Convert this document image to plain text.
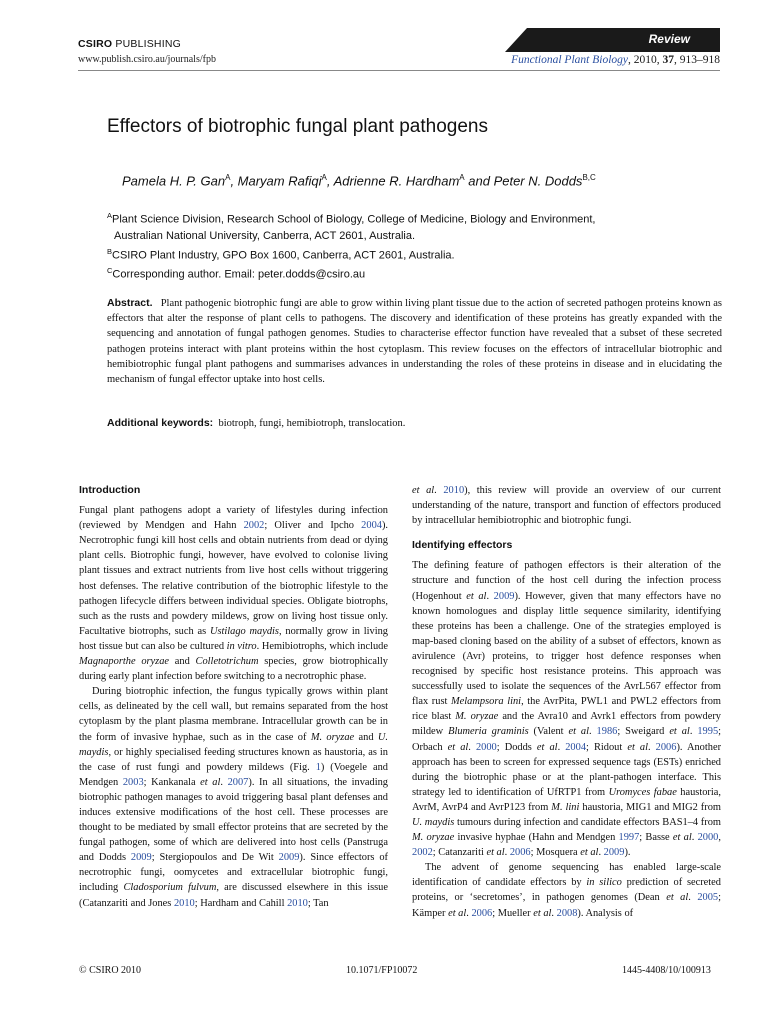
CSIRO PUBLISHING
www.publish.csiro.au/journals/fpb
Review
Functional Plant Biology, 2010, 37, 913–918
Effectors of biotrophic fungal plant pathogens
Pamela H. P. Gan$^A$, Maryam Rafiqi$^A$, Adrienne R. Hardham$^A$ and Peter N. Dodds$^{B,C}$
$^A$Plant Science Division, Research School of Biology, College of Medicine, Biology and Environment,
Australian National University, Canberra, ACT 2601, Australia.
$^B$CSIRO Plant Industry, GPO Box 1600, Canberra, ACT 2601, Australia.
$^C$Corresponding author. Email: peter.dodds@csiro.au
Abstract. Plant pathogenic biotrophic fungi are able to grow within living plant tissue due to the action of secreted pathogen proteins known as effectors that alter the response of plant cells to pathogens. The discovery and identification of these proteins has greatly expanded with the sequencing and annotation of fungal pathogen genomes. Studies to characterise effector function have revealed that a subset of these secreted pathogen proteins interact with plant proteins within the host cytoplasm. This review focuses on the effectors of intracellular biotrophic and hemibiotrophic fungal plant pathogens and summarises advances in understanding the roles of these proteins in disease and in elucidating the mechanism of fungal effector uptake into host cells.
Additional keywords: biotroph, fungi, hemibiotroph, translocation.
Introduction

Fungal plant pathogens adopt a variety of lifestyles during infection (reviewed by Mendgen and Hahn 2002; Oliver and Ipcho 2004). Necrotrophic fungi kill host cells and obtain nutrients from dead or dying plant cells. Biotrophic fungi, however, have evolved to colonise living plant tissues and extract nutrients from live host cells without triggering host defenses. The relative contribution of the biotrophic lifestyle to the pathogen lifecycle differs between individual species. Obligate biotrophs, such as the rusts and powdery mildews, grow on living host tissue only. Facultative biotrophs, such as Ustilago maydis, normally grow in living host tissue but can also be cultured in vitro. Hemibiotrophs, which include Magnaporthe oryzae and Colletotrichum species, grow biotrophically during early plant infection before switching to a necrotrophic phase.

During biotrophic infection, the fungus typically grows within plant cells, as delineated by the cell wall, but remains separated from the host cytoplasm by the plant plasma membrane. Intracellular growth can be in the form of invasive hyphae, such as in the case of M. oryzae and U. maydis, or highly specialised feeding structures known as haustoria, as in the case of rust fungi and powdery mildews (Fig. 1) (Voegele and Mendgen 2003; Kankanala et al. 2007). In all situations, the invading biotrophic pathogen manages to avoid triggering basal plant defenses and induces extensive modifications of the host cell. These processes are thought to be mediated by small effector proteins that are secreted by the fungal pathogen, some of which are delivered into host cells (Panstruga and Dodds 2009; Stergiopoulos and De Wit 2009). Since effectors of necrotrophic fungi, oomycetes and extracellular biotrophic fungi, including Cladosporium fulvum, are discussed elsewhere in this issue (Catanzariti and Jones 2010; Hardham and Cahill 2010; Tan

et al. 2010), this review will provide an overview of our current understanding of the nature, transport and function of effectors produced by intracellular hemibiotrophic and biotrophic fungi.

Identifying effectors

The defining feature of pathogen effectors is their alteration of the structure and function of the host cell during the infection process (Hogenhout et al. 2009). However, given that many effectors have no known homologues and display little sequence similarity, identifying these proteins has been a challenge. One of the strategies employed is map-based cloning based on the ability of a subset of effectors, known as avirulence (Avr) proteins, to trigger host defence responses when recognised by specific host resistance proteins. This approach was successfully used to isolate the sequences of the AvrL567 effector from flax rust Melampsora lini, the AvrPita, PWL1 and PWL2 effectors from rice blast M. oryzae and the Avra10 and Avrk1 effectors from powdery mildew Blumeria graminis (Valent et al. 1986; Sweigard et al. 1995; Orbach et al. 2000; Dodds et al. 2004; Ridout et al. 2006). Another approach has been to screen for expressed sequence tags (ESTs) enriched during the biotrophic phase or at the plant-pathogen interface. This strategy led to identification of UfRTP1 from Uromyces fabae haustoria, AvrM, AvrP4 and AvrP123 from M. lini haustoria, MIG1 and MIG2 from U. maydis tumours during infection and candidate effectors BAS1–4 from M. oryzae invasive hyphae (Hahn and Mendgen 1997; Basse et al. 2000, 2002; Catanzariti et al. 2006; Mosquera et al. 2009).

The advent of genome sequencing has enabled large-scale identification of candidate effectors by in silico prediction of secreted proteins, or ‘secretomes’, in pathogen genomes (Dean et al. 2005; Kämper et al. 2006; Mueller et al. 2008). Analysis of

© CSIRO 2010	10.1071/FP10072	1445-4408/10/100913
